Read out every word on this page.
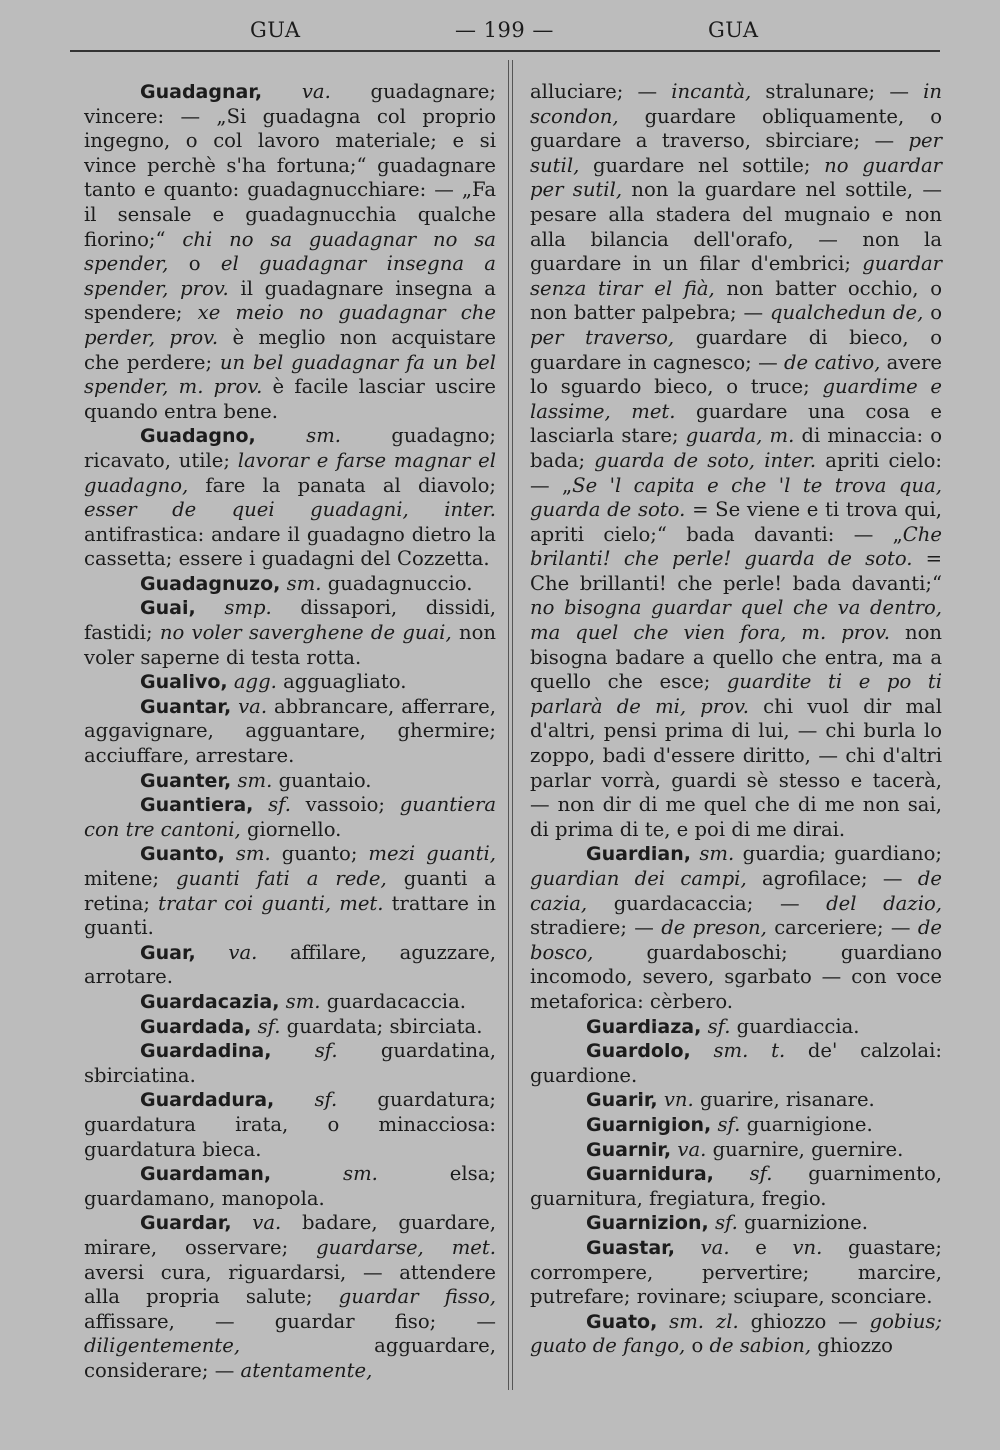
GUA	— 199 —	GUA

Guadagnar, va. guadagnare; vincere: — „Si guadagna col proprio ingegno, o col lavoro materiale; e si vince perchè s'ha fortuna;“ guadagnare tanto e quanto: guadagnucchiare: — „Fa il sensale e guadagnucchia qualche fiorino;“ chi no sa guadagnar no sa spender, o el guadagnar insegna a spender, prov. il guadagnare insegna a spendere; xe meio no guadagnar che perder, prov. è meglio non acquistare che perdere; un bel guadagnar fa un bel spender, m. prov. è facile lasciar uscire quando entra bene.

Guadagno,	sm. guadagno; ricavato, utile; lavorar e farse magnar el guadagno, fare la panata al diavolo; esser de quei guadagni, inter. antifrastica: andare il guadagno dietro la cassetta; essere i guadagni del Cozzetta.

Guadagnuzo, sm. guadagnuccio.

Guai, smp. dissapori, dissidi, fastidi; no voler saverghene de guai, non voler saperne di testa rotta.

Gualivo, agg. agguagliato.

Guantar, va. abbrancare, afferrare, aggavignare, agguantare, ghermire; acciuffare, arrestare.

Guanter, sm. guantaio.

Guantiera, sf. vassoio; guantiera con tre cantoni, giornello.

Guanto, sm. guanto; mezi guanti, mitene; guanti fati a rede, guanti a retina; tratar coi guanti, met. trattare in guanti.

Guar, va. affilare, aguzzare, arrotare.

Guardacazia, sm. guardacaccia.

Guardada, sf. guardata; sbirciata.

Guardadina, sf. guardatina, sbirciatina.

Guardadura, sf. guardatura; guardatura irata, o minacciosa: guardatura bieca.

Guardaman,	sm. elsa; guardamano, manopola.

Guardar, va. badare, guardare, mirare, osservare; guardarse, met. aversi cura, riguardarsi, — attendere alla propria salute; guardar fisso, affissare, — guardar fiso; — diligentemente, agguardare, considerare; — atentamente,

alluciare; — incantà, stralunare; — in scondon, guardare obliquamente, o guardare a traverso, sbirciare; — per sutil, guardare nel sottile; no guardar per sutil, non la guardare nel sottile, — pesare alla stadera del mugnaio e non alla bilancia dell'orafo, — non la guardare in un filar d'embrici; guardar senza tirar el fià, non batter occhio, o non batter palpebra; — qualchedun de, o per traverso, guardare di bieco, o guardare in cagnesco; — de cativo, avere lo sguardo bieco, o truce; guardime e lassime, met. guardare una cosa e lasciarla stare; guarda, m. di minaccia: o bada; guarda de soto, inter. apriti cielo: — „Se 'l capita e che 'l te trova qua, guarda de soto. = Se viene e ti trova qui, apriti cielo;“ bada davanti: — „Che brilanti! che perle! guarda de soto. = Che brillanti! che perle! bada davanti;“ no bisogna guardar quel che va dentro, ma quel che vien fora, m. prov. non bisogna badare a quello che entra, ma a quello che esce; guardite ti e po ti parlarà de mi, prov. chi vuol dir mal d'altri, pensi prima di lui, — chi burla lo zoppo, badi d'essere diritto, — chi d'altri parlar vorrà, guardi sè stesso e tacerà, — non dir di me quel che di me non sai, di prima di te, e poi di me dirai.

Guardian, sm. guardia; guardiano; guardian dei campi, agrofilace; — de cazia, guardacaccia; — del dazio, stradiere; — de preson, carceriere; — de bosco, guardaboschi; guardiano incomodo, severo, sgarbato — con voce metaforica: cèrbero.

Guardiaza, sf. guardiaccia.

Guardolo, sm. t. de' calzolai: guardione.

Guarir, vn. guarire, risanare.

Guarnigion, sf. guarnigione.

Guarnir, va. guarnire, guernire.

Guarnidura, sf. guarnimento, guarnitura, fregiatura, fregio.

Guarnizion, sf. guarnizione.

Guastar, va. e vn. guastare; corrompere, pervertire; marcire, putrefare; rovinare; sciupare, sconciare.

Guato, sm. zl. ghiozzo — gobius; guato de fango, o de sabion, ghiozzo
